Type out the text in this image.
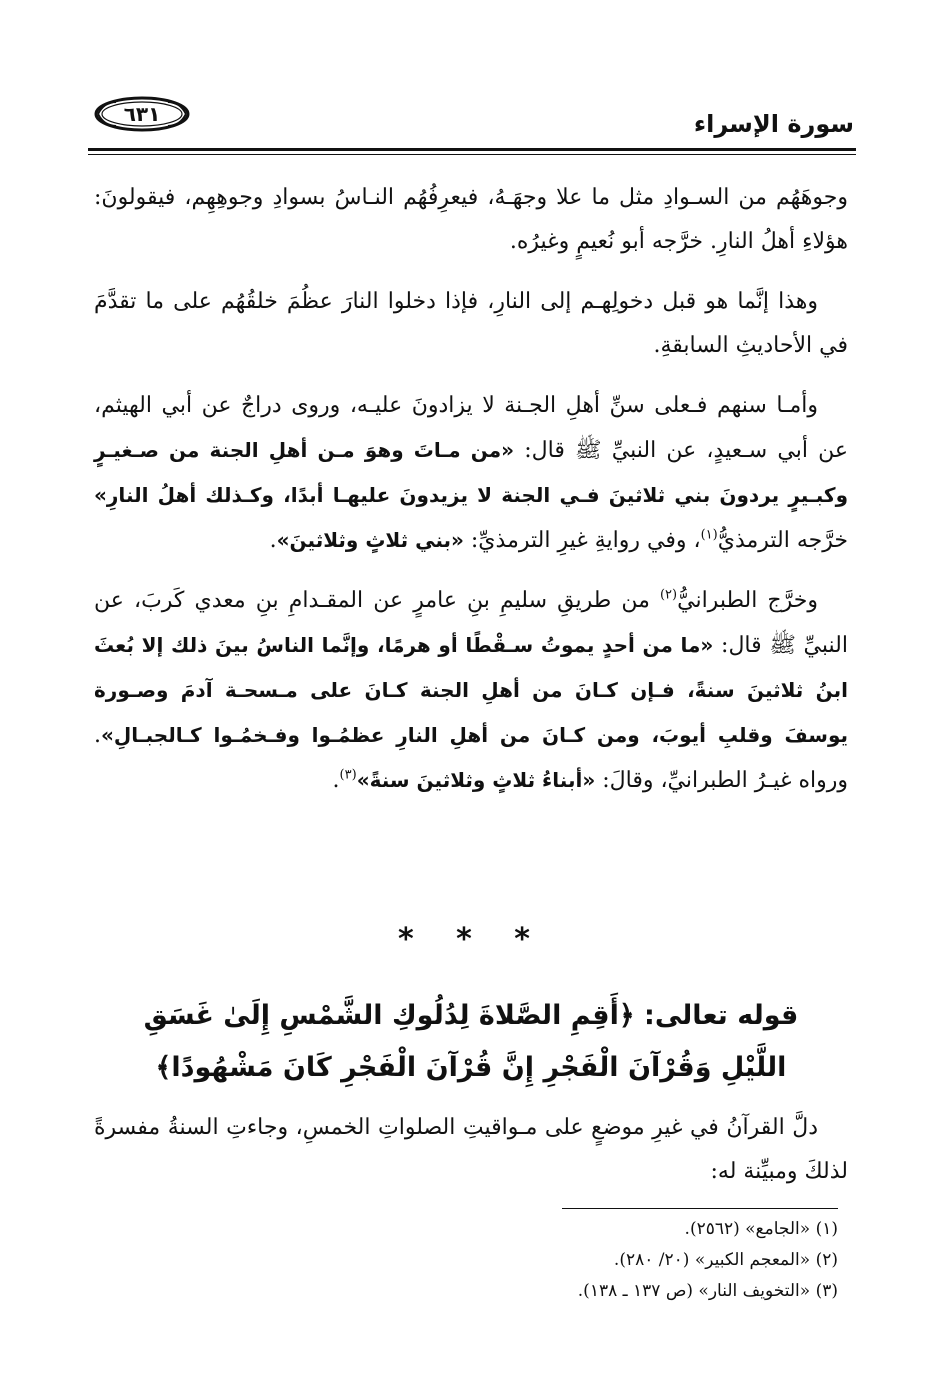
سورة الإسراء
٦٣١

وجوهَهُم من السـوادِ مثل ما علا وجهَـهُ، فيعرِفُهُم النـاسُ بسوادِ وجوهِهِم، فيقولونَ: هؤلاءِ أهلُ النارِ. خرَّجه أبو نُعيمٍ وغيرُه.

وهذا إنَّما هو قبل دخولِهـم إلى النارِ، فإذا دخلوا النارَ عظُمَ خلقُهُم على ما تقدَّمَ في الأحاديثِ السابقةِ.

وأمـا سنهم فـعلى سنِّ أهلِ الجـنة لا يزادونَ عليـه، وروى دراجٌ عن أبي الهيثم، عن أبي سـعيدٍ، عن النبيِّ ﷺ قال: «من مـاتَ وهوَ مـن أهلِ الجنة من صـغيـرٍ وكبـيرٍ يردونَ بني ثلاثينَ فـي الجنة لا يزيدونَ عليهـا أبدًا، وكـذلك أهلُ النارِ» خرَّجه الترمذيُّ$^{(١)}$، وفي روايةِ غيرِ الترمذيِّ: «بني ثلاثٍ وثلاثينَ».

وخرَّج الطبرانيُّ$^{(٢)}$ من طريقِ سليمِ بنِ عامرٍ عن المقـدامِ بنِ معدي كَربَ، عن النبيِّ ﷺ قال: «ما من أحدٍ يموتُ سـقْطًا أو هرمًا، وإنَّما الناسُ بينَ ذلك إلا بُعثَ ابنُ ثلاثينَ سنةً، فـإن كـانَ من أهلِ الجنة كـانَ على مـسحـة آدمَ وصـورة يوسفَ وقلبِ أيوبَ، ومن كـانَ من أهلِ النارِ عظمُـوا وفـخمُـوا كـالجبـالِ». ورواه غيـرُ الطبرانيِّ، وقالَ: «أبناءُ ثلاثٍ وثلاثينَ سنةً»$^{(٣)}$.

* * *
قوله تعالى: ﴿أَقِمِ الصَّلاةَ لِدُلُوكِ الشَّمْسِ إِلَىٰ غَسَقِ
اللَّيْلِ وَقُرْآنَ الْفَجْرِ إِنَّ قُرْآنَ الْفَجْرِ كَانَ مَشْهُودًا﴾
دلَّ القرآنُ في غيرِ موضعٍ على مـواقيتِ الصلواتِ الخمسِ، وجاءتِ السنةُ مفسرةً لذلكَ ومبيِّنة له:
(١) «الجامع» (٢٥٦٢).
(٢) «المعجم الكبير» (٢٠/ ٢٨٠).
(٣) «التخويف النار» (ص ١٣٧ ـ ١٣٨).
